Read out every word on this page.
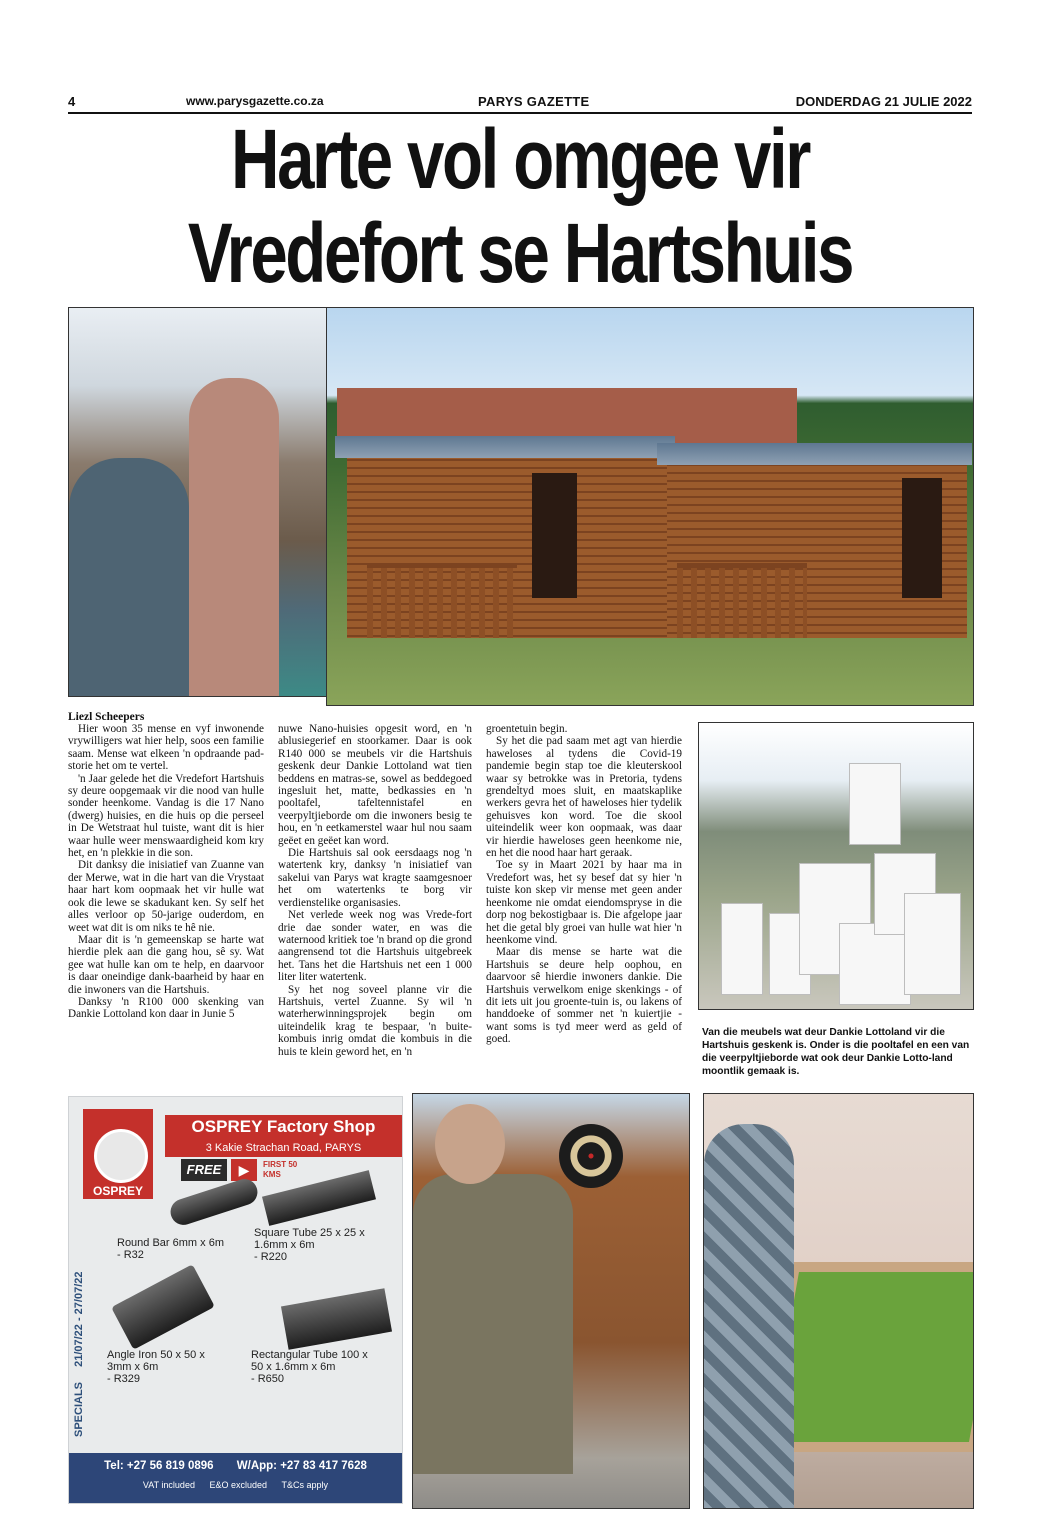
4	www.parysgazette.co.za	PARYS GAZETTE	DONDERDAG 21 JULIE 2022
Harte vol omgee vir
Vredefort se Hartshuis
Liezl Scheepers

Hier woon 35 mense en vyf inwonende vrywilligers wat hier help, soos een familie saam. Mense wat elkeen 'n opdraande pad-storie het om te vertel.

'n Jaar gelede het die Vredefort Hartshuis sy deure oopgemaak vir die nood van hulle sonder heenkome. Vandag is die 17 Nano (dwerg) huisies, en die huis op die perseel in De Wetstraat hul tuiste, want dit is hier waar hulle weer menswaardigheid kom kry het, en 'n plekkie in die son.

Dit danksy die inisiatief van Zuanne van der Merwe, wat in die hart van die Vrystaat haar hart kom oopmaak het vir hulle wat ook die lewe se skadukant ken. Sy self het alles verloor op 50-jarige ouderdom, en weet wat dit is om niks te hê nie.

Maar dit is 'n gemeenskap se harte wat hierdie plek aan die gang hou, sê sy. Wat gee wat hulle kan om te help, en daarvoor is daar oneindige dank-baarheid by haar en die inwoners van die Hartshuis.

Danksy 'n R100 000 skenking van Dankie Lottoland kon daar in Junie 5

nuwe Nano-huisies opgesit word, en 'n ablusiegerief en stoorkamer. Daar is ook R140 000 se meubels vir die Hartshuis geskenk deur Dankie Lottoland wat tien beddens en matras-se, sowel as beddegoed ingesluit het, matte, bedkassies en 'n pooltafel, tafeltennistafel en veerpyltjieborde om die inwoners besig te hou, en 'n eetkamerstel waar hul nou saam geëet en geëet kan word.

Die Hartshuis sal ook eersdaags nog 'n watertenk kry, danksy 'n inisiatief van sakelui van Parys wat kragte saamgesnoer het om watertenks te borg vir verdienstelike organisasies.

Net verlede week nog was Vrede-fort drie dae sonder water, en was die waternood kritiek toe 'n brand op die grond aangrensend tot die Hartshuis uitgebreek het. Tans het die Hartshuis net een 1 000 liter liter watertenk.

Sy het nog soveel planne vir die Hartshuis, vertel Zuanne. Sy wil 'n waterherwinningsprojek begin om uiteindelik krag te bespaar, 'n buite-kombuis inrig omdat die kombuis in die huis te klein geword het, en 'n

groentetuin begin.

Sy het die pad saam met agt van hierdie haweloses al tydens die Covid-19 pandemie begin stap toe die kleuterskool waar sy betrokke was in Pretoria, tydens grendeltyd moes sluit, en maatskaplike werkers gevra het of haweloses hier tydelik gehuisves kon word. Toe die skool uiteindelik weer kon oopmaak, was daar vir hierdie haweloses geen heenkome nie, en het die nood haar hart geraak.

Toe sy in Maart 2021 by haar ma in Vredefort was, het sy besef dat sy hier 'n tuiste kon skep vir mense met geen ander heenkome nie omdat eiendomspryse in die dorp nog bekostigbaar is. Die afgelope jaar het die getal bly groei van hulle wat hier 'n heenkome vind.

Maar dis mense se harte wat die Hartshuis se deure help oophou, en daarvoor sê hierdie inwoners dankie. Die Hartshuis verwelkom enige skenkings - of dit iets uit jou groente-tuin is, ou lakens of handdoeke of sommer net 'n kuiertjie - want soms is tyd meer werd as geld of goed.

Van die meubels wat deur Dankie Lottoland vir die Hartshuis geskenk is. Onder is die pooltafel en een van die veerpyltjieborde wat ook deur Dankie Lotto-land moontlik gemaak is.
OSPREY
OSPREY Factory Shop
3 Kakie Strachan Road, PARYS
FREE	▶	FIRST 50 KMS
SPECIALS 21/07/22 - 27/07/22
Round Bar 6mm x 6m
- R32
Square Tube 25 x 25 x 1.6mm x 6m
- R220
Angle Iron 50 x 50 x 3mm x 6m
- R329
Rectangular Tube 100 x 50 x 1.6mm x 6m
- R650
Tel: +27 56 819 0896 W/App: +27 83 417 7628
VAT included E&O excluded T&Cs apply
